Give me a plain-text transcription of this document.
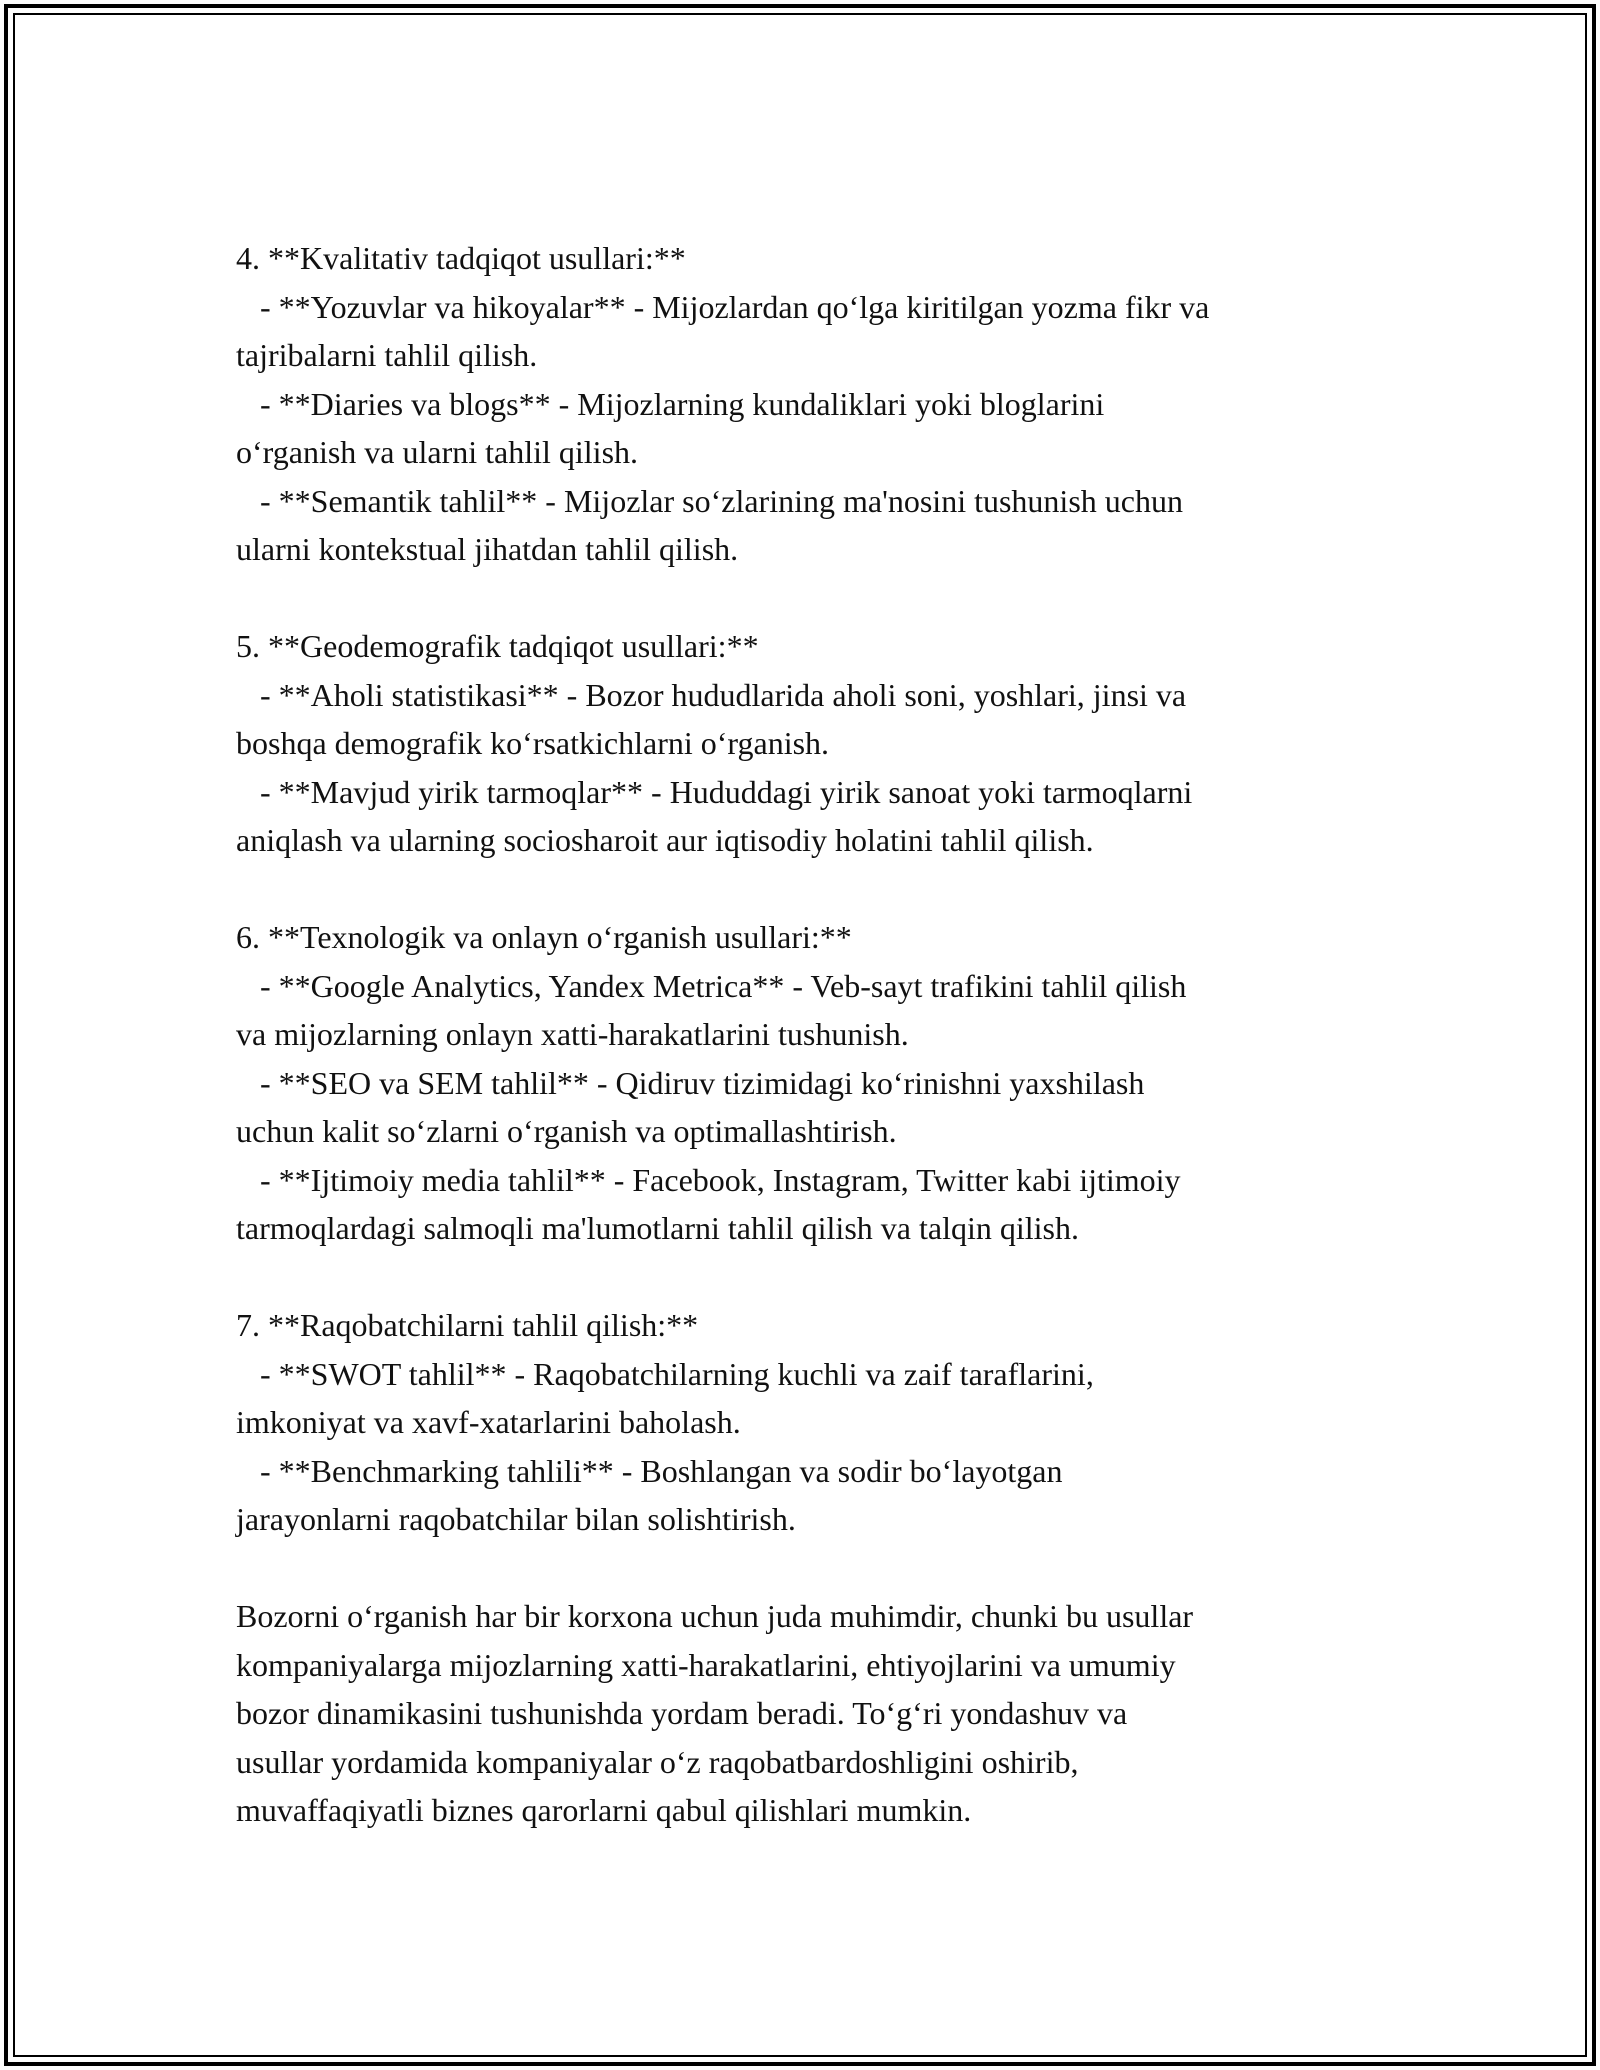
4. **Kvalitativ tadqiqot usullari:**
- **Yozuvlar va hikoyalar** - Mijozlardan qo‘lga kiritilgan yozma fikr va
tajribalarni tahlil qilish.
- **Diaries va blogs** - Mijozlarning kundaliklari yoki bloglarini
o‘rganish va ularni tahlil qilish.
- **Semantik tahlil** - Mijozlar so‘zlarining ma'nosini tushunish uchun
ularni kontekstual jihatdan tahlil qilish.
5. **Geodemografik tadqiqot usullari:**
- **Aholi statistikasi** - Bozor hududlarida aholi soni, yoshlari, jinsi va
boshqa demografik ko‘rsatkichlarni o‘rganish.
- **Mavjud yirik tarmoqlar** - Hududdagi yirik sanoat yoki tarmoqlarni
aniqlash va ularning sociosharoit aur iqtisodiy holatini tahlil qilish.
6. **Texnologik va onlayn o‘rganish usullari:**
- **Google Analytics, Yandex Metrica** - Veb-sayt trafikini tahlil qilish
va mijozlarning onlayn xatti-harakatlarini tushunish.
- **SEO va SEM tahlil** - Qidiruv tizimidagi ko‘rinishni yaxshilash
uchun kalit so‘zlarni o‘rganish va optimallashtirish.
- **Ijtimoiy media tahlil** - Facebook, Instagram, Twitter kabi ijtimoiy
tarmoqlardagi salmoqli ma'lumotlarni tahlil qilish va talqin qilish.
7. **Raqobatchilarni tahlil qilish:**
- **SWOT tahlil** - Raqobatchilarning kuchli va zaif taraflarini,
imkoniyat va xavf-xatarlarini baholash.
- **Benchmarking tahlili** - Boshlangan va sodir bo‘layotgan
jarayonlarni raqobatchilar bilan solishtirish.
Bozorni o‘rganish har bir korxona uchun juda muhimdir, chunki bu usullar
kompaniyalarga mijozlarning xatti-harakatlarini, ehtiyojlarini va umumiy
bozor dinamikasini tushunishda yordam beradi. To‘g‘ri yondashuv va
usullar yordamida kompaniyalar o‘z raqobatbardoshligini oshirib,
muvaffaqiyatli biznes qarorlarni qabul qilishlari mumkin.
